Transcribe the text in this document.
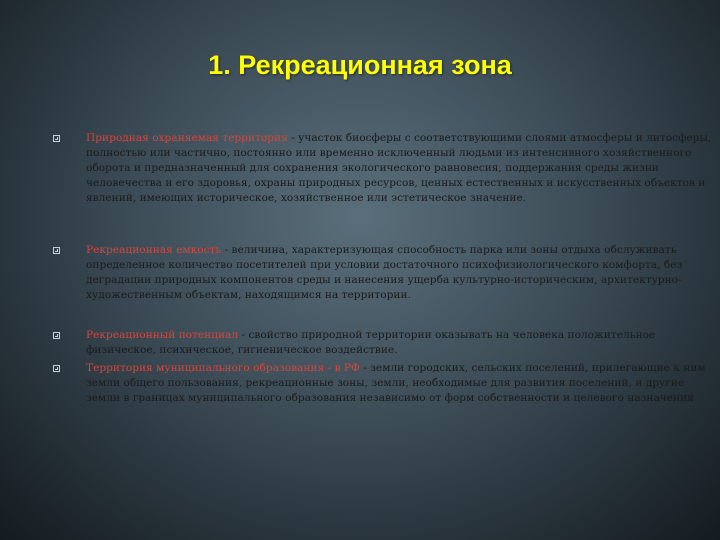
1. Рекреационная зона
Природная охраняемая территория - участок биосферы с соответствующими слоями атмосферы и литосферы, полностью или частично, постоянно или временно исключенный людьми из интенсивного хозяйственного оборота и предназначенный для сохранения экологического равновесия, поддержания среды жизни человечества и его здоровья, охраны природных ресурсов, ценных естественных и искусственных объектов и явлений, имеющих историческое, хозяйственное или эстетическое значение.
Рекреационная емкость - величина, характеризующая способность парка или зоны отдыха обслуживать определенное количество посетителей при условии достаточного психофизиологического комфорта, без деградации природных компонентов среды и нанесения ущерба культурно-историческим, архитектурно-художественным объектам, находящимся на территории.
Рекреационный потенциал - свойство природной территории оказывать на человека положительное физическое, психическое, гигиеническое воздействие.
Территория муниципального образования - в РФ - земли городских, сельских поселений, прилегающие к ним земли общего пользования, рекреационные зоны, земли, необходимые для развития поселений, и другие земли в границах муниципального образования независимо от форм собственности и целевого назначения
